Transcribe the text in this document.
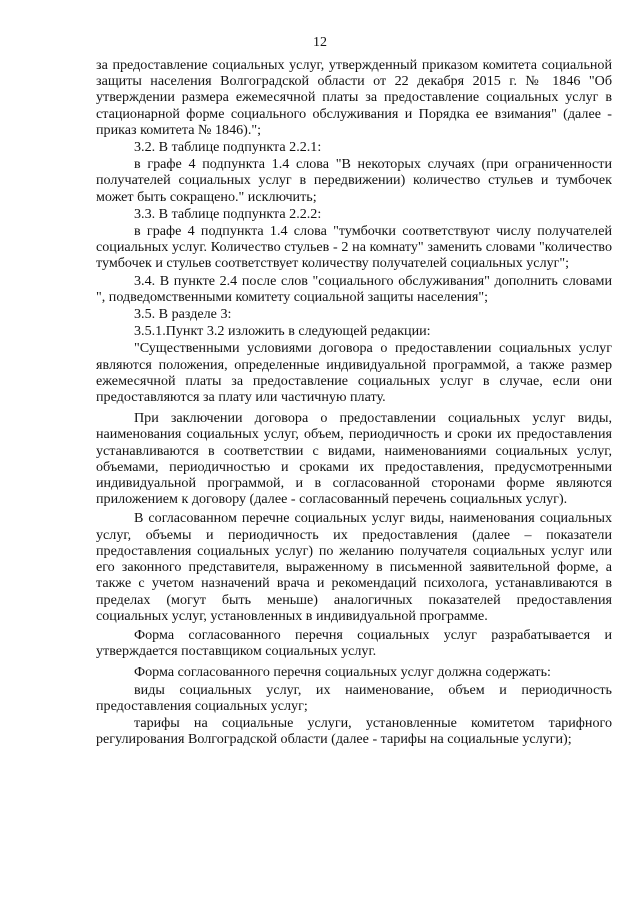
12

за предоставление социальных услуг, утвержденный приказом комитета социальной защиты населения Волгоградской области от 22 декабря 2015 г. № 1846 "Об утверждении размера ежемесячной платы за предоставление социальных услуг в стационарной форме социального обслуживания и Порядка ее взимания" (далее - приказ комитета № 1846).";

3.2. В таблице подпункта 2.2.1:

в графе 4 подпункта 1.4 слова "В некоторых случаях (при ограниченности получателей социальных услуг в передвижении) количество стульев и тумбочек может быть сокращено." исключить;

3.3. В таблице подпункта 2.2.2:

в графе 4 подпункта 1.4 слова "тумбочки соответствуют числу получателей социальных услуг. Количество стульев - 2 на комнату" заменить словами "количество тумбочек и стульев соответствует количеству получателей социальных услуг";

3.4. В пункте 2.4 после слов "социального обслуживания" дополнить словами ", подведомственными комитету социальной защиты населения";

3.5. В разделе 3:

3.5.1.Пункт 3.2 изложить в следующей редакции:

"Существенными условиями договора о предоставлении социальных услуг являются положения, определенные индивидуальной программой, а также размер ежемесячной платы за предоставление социальных услуг в случае, если они предоставляются за плату или частичную плату.

При заключении договора о предоставлении социальных услуг виды, наименования социальных услуг, объем, периодичность и сроки их предоставления устанавливаются в соответствии с видами, наименованиями социальных услуг, объемами, периодичностью и сроками их предоставления, предусмотренными индивидуальной программой, и в согласованной сторонами форме являются приложением к договору (далее - согласованный перечень социальных услуг).

В согласованном перечне социальных услуг виды, наименования социальных услуг, объемы и периодичность их предоставления (далее – показатели предоставления социальных услуг) по желанию получателя социальных услуг или его законного представителя, выраженному в письменной заявительной форме, а также с учетом назначений врача и рекомендаций психолога, устанавливаются в пределах (могут быть меньше) аналогичных показателей предоставления социальных услуг, установленных в индивидуальной программе.

Форма согласованного перечня социальных услуг разрабатывается и утверждается поставщиком социальных услуг.

Форма согласованного перечня социальных услуг должна содержать:

виды социальных услуг, их наименование, объем и периодичность предоставления социальных услуг;

тарифы на социальные услуги, установленные комитетом тарифного регулирования Волгоградской области (далее - тарифы на социальные услуги);
